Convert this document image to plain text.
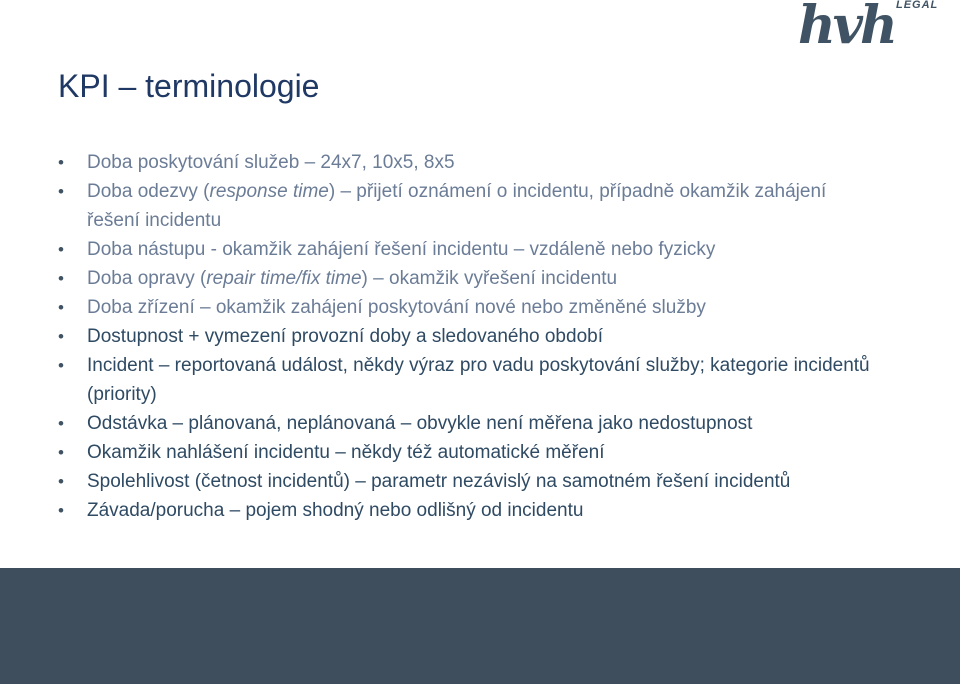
hvh LEGAL
KPI – terminologie
• Doba poskytování služeb – 24x7, 10x5, 8x5
• Doba odezvy (response time) – přijetí oznámení o incidentu, případně okamžik zahájení řešení incidentu
• Doba nástupu - okamžik zahájení řešení incidentu – vzdáleně nebo fyzicky
• Doba opravy (repair time/fix time) – okamžik vyřešení incidentu
• Doba zřízení – okamžik zahájení poskytování nové nebo změněné služby
• Dostupnost + vymezení provozní doby a sledovaného období
• Incident – reportovaná událost, někdy výraz pro vadu poskytování služby; kategorie incidentů (priority)
• Odstávka – plánovaná, neplánovaná – obvykle není měřena jako nedostupnost
• Okamžik nahlášení incidentu – někdy též automatické měření
• Spolehlivost (četnost incidentů) – parametr nezávislý na samotném řešení incidentů
• Závada/porucha – pojem shodný nebo odlišný od incidentu
